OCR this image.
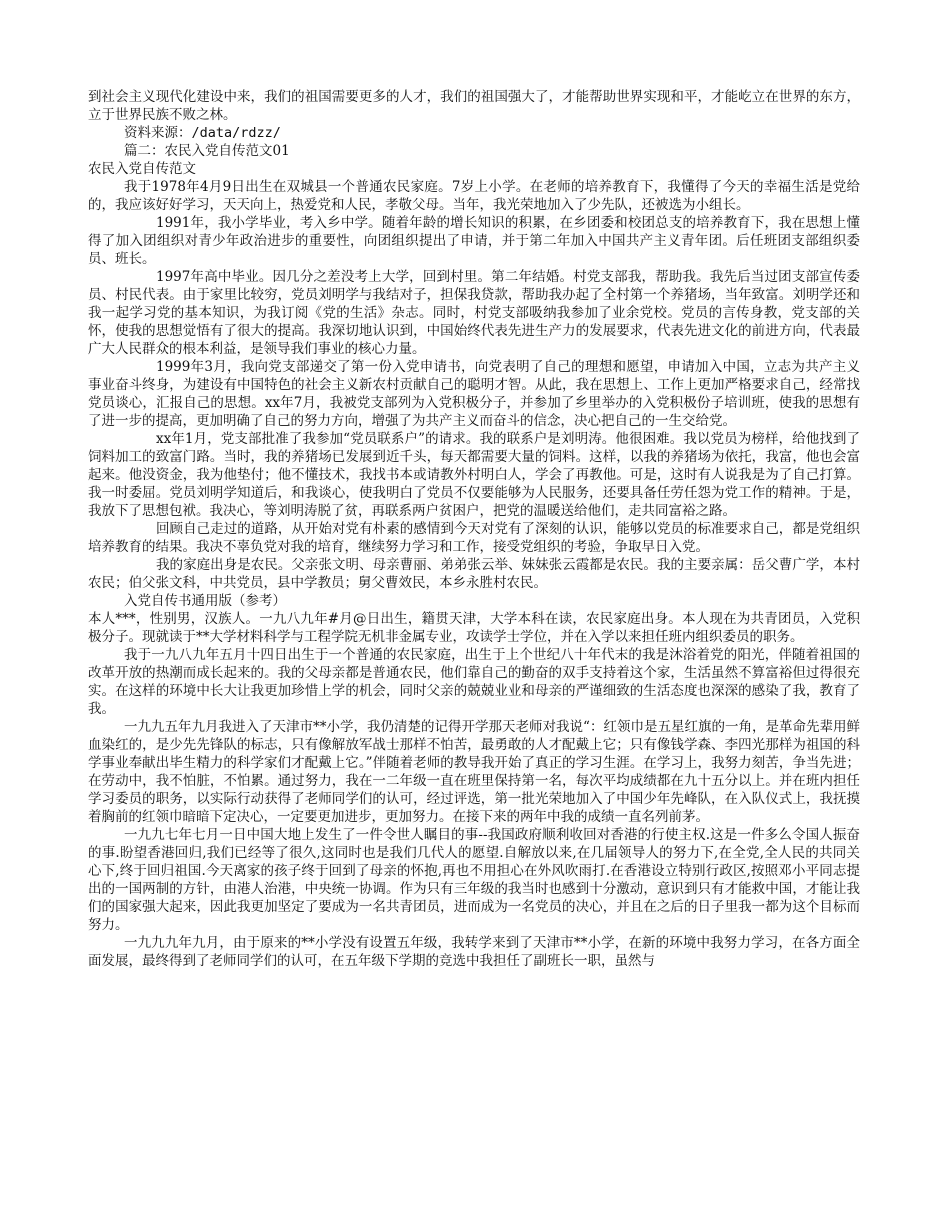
到社会主义现代化建设中来，我们的祖国需要更多的人才，我们的祖国强大了，才能帮助世界实现和平，才能屹立在世界的东方，立于世界民族不败之林。

资料来源：/data/rdzz/

篇二：农民入党自传范文01

农民入党自传范文

我于1978年4月9日出生在双城县一个普通农民家庭。7岁上小学。在老师的培养教育下，我懂得了今天的幸福生活是党给的，我应该好好学习，天天向上，热爱党和人民，孝敬父母。当年，我光荣地加入了少先队，还被选为小组长。

1991年，我小学毕业，考入乡中学。随着年龄的增长知识的积累，在乡团委和校团总支的培养教育下，我在思想上懂得了加入团组织对青少年政治进步的重要性，向团组织提出了申请，并于第二年加入中国共产主义青年团。后任班团支部组织委员、班长。

1997年高中毕业。因几分之差没考上大学，回到村里。第二年结婚。村党支部我，帮助我。我先后当过团支部宣传委员、村民代表。由于家里比较穷，党员刘明学与我结对子，担保我贷款，帮助我办起了全村第一个养猪场，当年致富。刘明学还和我一起学习党的基本知识，为我订阅《党的生活》杂志。同时，村党支部吸纳我参加了业余党校。党员的言传身教，党支部的关怀，使我的思想觉悟有了很大的提高。我深切地认识到，中国始终代表先进生产力的发展要求，代表先进文化的前进方向，代表最广大人民群众的根本利益，是领导我们事业的核心力量。

1999年3月，我向党支部递交了第一份入党申请书，向党表明了自己的理想和愿望，申请加入中国，立志为共产主义事业奋斗终身，为建设有中国特色的社会主义新农村贡献自己的聪明才智。从此，我在思想上、工作上更加严格要求自己，经常找党员谈心，汇报自己的思想。xx年7月，我被党支部列为入党积极分子，并参加了乡里举办的入党积极份子培训班，使我的思想有了进一步的提高，更加明确了自己的努力方向，增强了为共产主义而奋斗的信念，决心把自己的一生交给党。

xx年1月，党支部批准了我参加“党员联系户”的请求。我的联系户是刘明涛。他很困难。我以党员为榜样，给他找到了饲料加工的致富门路。当时，我的养猪场已发展到近千头，每天都需要大量的饲料。这样，以我的养猪场为依托，我富，他也会富起来。他没资金，我为他垫付；他不懂技术，我找书本或请教外村明白人，学会了再教他。可是，这时有人说我是为了自己打算。我一时委屈。党员刘明学知道后，和我谈心，使我明白了党员不仅要能够为人民服务，还要具备任劳任怨为党工作的精神。于是，我放下了思想包袱。我决心，等刘明涛脱了贫，再联系两户贫困户，把党的温暖送给他们，走共同富裕之路。

回顾自己走过的道路，从开始对党有朴素的感情到今天对党有了深刻的认识，能够以党员的标准要求自己，都是党组织培养教育的结果。我决不辜负党对我的培育，继续努力学习和工作，接受党组织的考验，争取早日入党。

我的家庭出身是农民。父亲张文明、母亲曹丽、弟弟张云举、妹妹张云霞都是农民。我的主要亲属：岳父曹广学，本村农民；伯父张文科，中共党员，县中学教员；舅父曹效民，本乡永胜村农民。

入党自传书通用版（参考）

本人***，性别男，汉族人。一九八九年#月@日出生，籍贯天津，大学本科在读，农民家庭出身。本人现在为共青团员，入党积极分子。现就读于**大学材料科学与工程学院无机非金属专业，攻读学士学位，并在入学以来担任班内组织委员的职务。

我于一九八九年五月十四日出生于一个普通的农民家庭，出生于上个世纪八十年代末的我是沐浴着党的阳光，伴随着祖国的改革开放的热潮而成长起来的。我的父母亲都是普通农民，他们靠自己的勤奋的双手支持着这个家，生活虽然不算富裕但过得很充实。在这样的环境中长大让我更加珍惜上学的机会，同时父亲的兢兢业业和母亲的严谨细致的生活态度也深深的感染了我，教育了我。

一九九五年九月我进入了天津市**小学，我仍清楚的记得开学那天老师对我说“：红领巾是五星红旗的一角，是革命先辈用鲜血染红的，是少先先锋队的标志，只有像解放军战士那样不怕苦，最勇敢的人才配戴上它；只有像钱学森、李四光那样为祖国的科学事业奉献出毕生精力的科学家们才配戴上它。”伴随着老师的教导我开始了真正的学习生涯。在学习上，我努力刻苦，争当先进；在劳动中，我不怕脏，不怕累。通过努力，我在一二年级一直在班里保持第一名，每次平均成绩都在九十五分以上。并在班内担任学习委员的职务，以实际行动获得了老师同学们的认可，经过评选，第一批光荣地加入了中国少年先峰队，在入队仪式上，我抚摸着胸前的红领巾暗暗下定决心，一定要更加进步，更加努力。在接下来的两年中我的成绩一直名列前茅。

一九九七年七月一日中国大地上发生了一件令世人瞩目的事--我国政府顺利收回对香港的行使主权.这是一件多么令国人振奋的事.盼望香港回归,我们已经等了很久,这同时也是我们几代人的愿望.自解放以来,在几届领导人的努力下,在全党,全人民的共同关心下,终于回归祖国.今天离家的孩子终于回到了母亲的怀抱,再也不用担心在外风吹雨打.在香港设立特别行政区,按照邓小平同志提出的一国两制的方针，由港人治港，中央统一协调。作为只有三年级的我当时也感到十分激动，意识到只有才能救中国，才能让我们的国家强大起来，因此我更加坚定了要成为一名共青团员，进而成为一名党员的决心，并且在之后的日子里我一都为这个目标而努力。

一九九九年九月，由于原来的**小学没有设置五年级，我转学来到了天津市**小学，在新的环境中我努力学习，在各方面全面发展，最终得到了老师同学们的认可，在五年级下学期的竞选中我担任了副班长一职，虽然与
